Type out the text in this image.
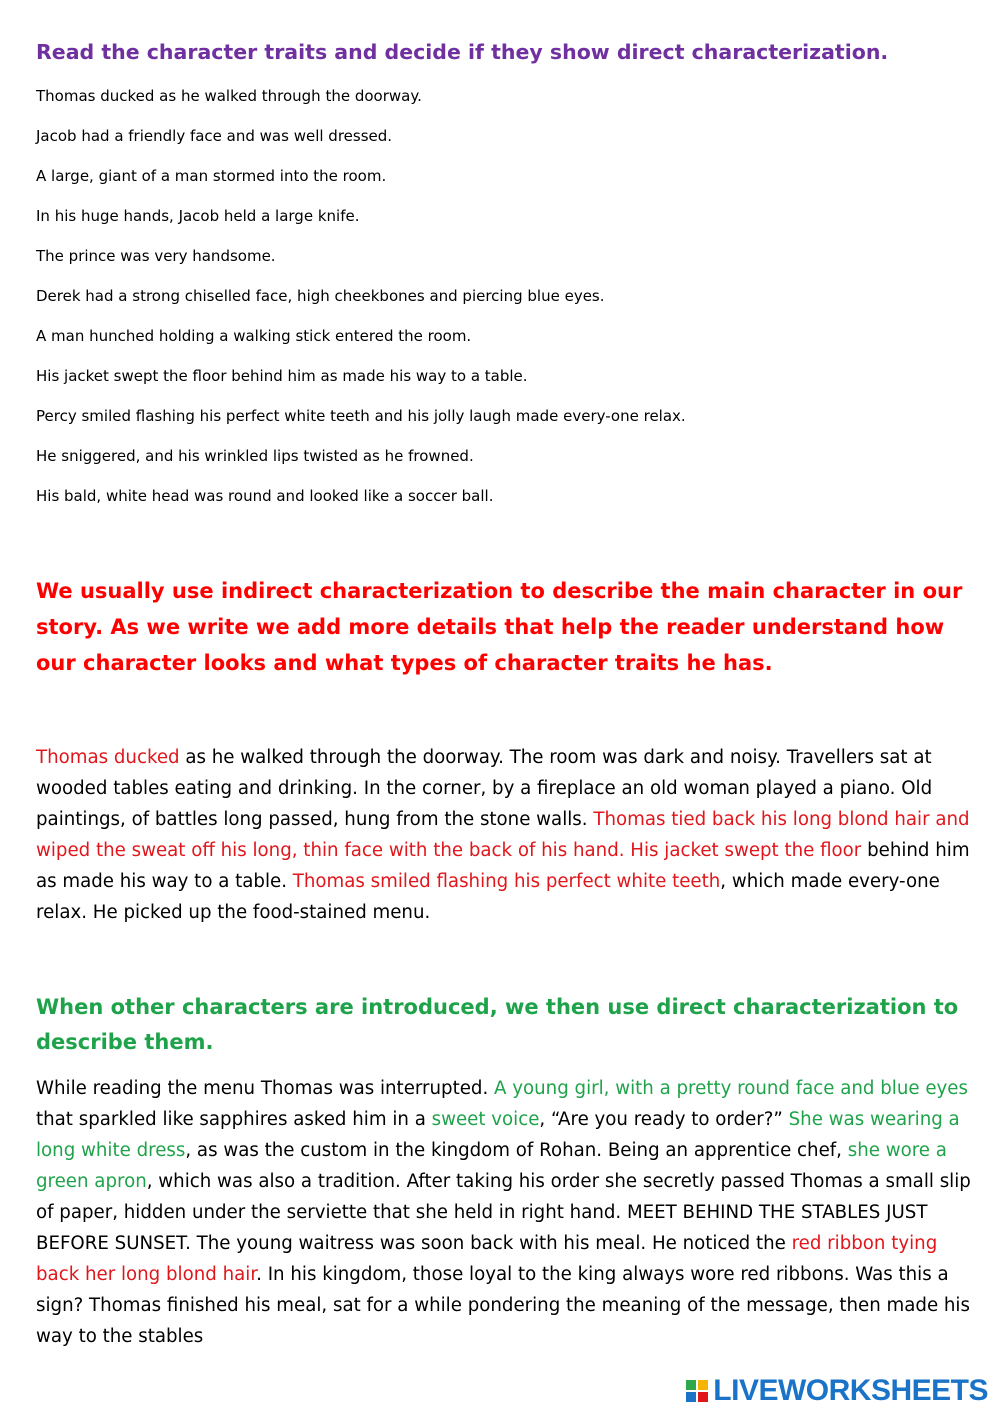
Read the character traits and decide if they show direct characterization.
Thomas ducked as he walked through the doorway.
Jacob had a friendly face and was well dressed.
A large, giant of a man stormed into the room.
In his huge hands, Jacob held a large knife.
The prince was very handsome.
Derek had a strong chiselled face, high cheekbones and piercing blue eyes.
A man hunched holding a walking stick entered the room.
His jacket swept the floor behind him as made his way to a table.
Percy smiled flashing his perfect white teeth and his jolly laugh made every-one relax.
He sniggered, and his wrinkled lips twisted as he frowned.
His bald, white head was round and looked like a soccer ball.
We usually use indirect characterization to describe the main character in our story. As we write we add more details that help the reader understand how our character looks and what types of character traits he has.
Thomas ducked as he walked through the doorway. The room was dark and noisy. Travellers sat at wooded tables eating and drinking. In the corner, by a fireplace an old woman played a piano. Old paintings, of battles long passed, hung from the stone walls. Thomas tied back his long blond hair and wiped the sweat off his long, thin face with the back of his hand. His jacket swept the floor behind him as made his way to a table. Thomas smiled flashing his perfect white teeth, which made every-one relax. He picked up the food-stained menu.
When other characters are introduced, we then use direct characterization to describe them.
While reading the menu Thomas was interrupted. A young girl, with a pretty round face and blue eyes that sparkled like sapphires asked him in a sweet voice, “Are you ready to order?” She was wearing a long white dress, as was the custom in the kingdom of Rohan. Being an apprentice chef, she wore a green apron, which was also a tradition. After taking his order she secretly passed Thomas a small slip of paper, hidden under the serviette that she held in right hand. MEET BEHIND THE STABLES JUST BEFORE SUNSET. The young waitress was soon back with his meal. He noticed the red ribbon tying back her long blond hair. In his kingdom, those loyal to the king always wore red ribbons. Was this a sign? Thomas finished his meal, sat for a while pondering the meaning of the message, then made his way to the stables
LIVEWORKSHEETS
